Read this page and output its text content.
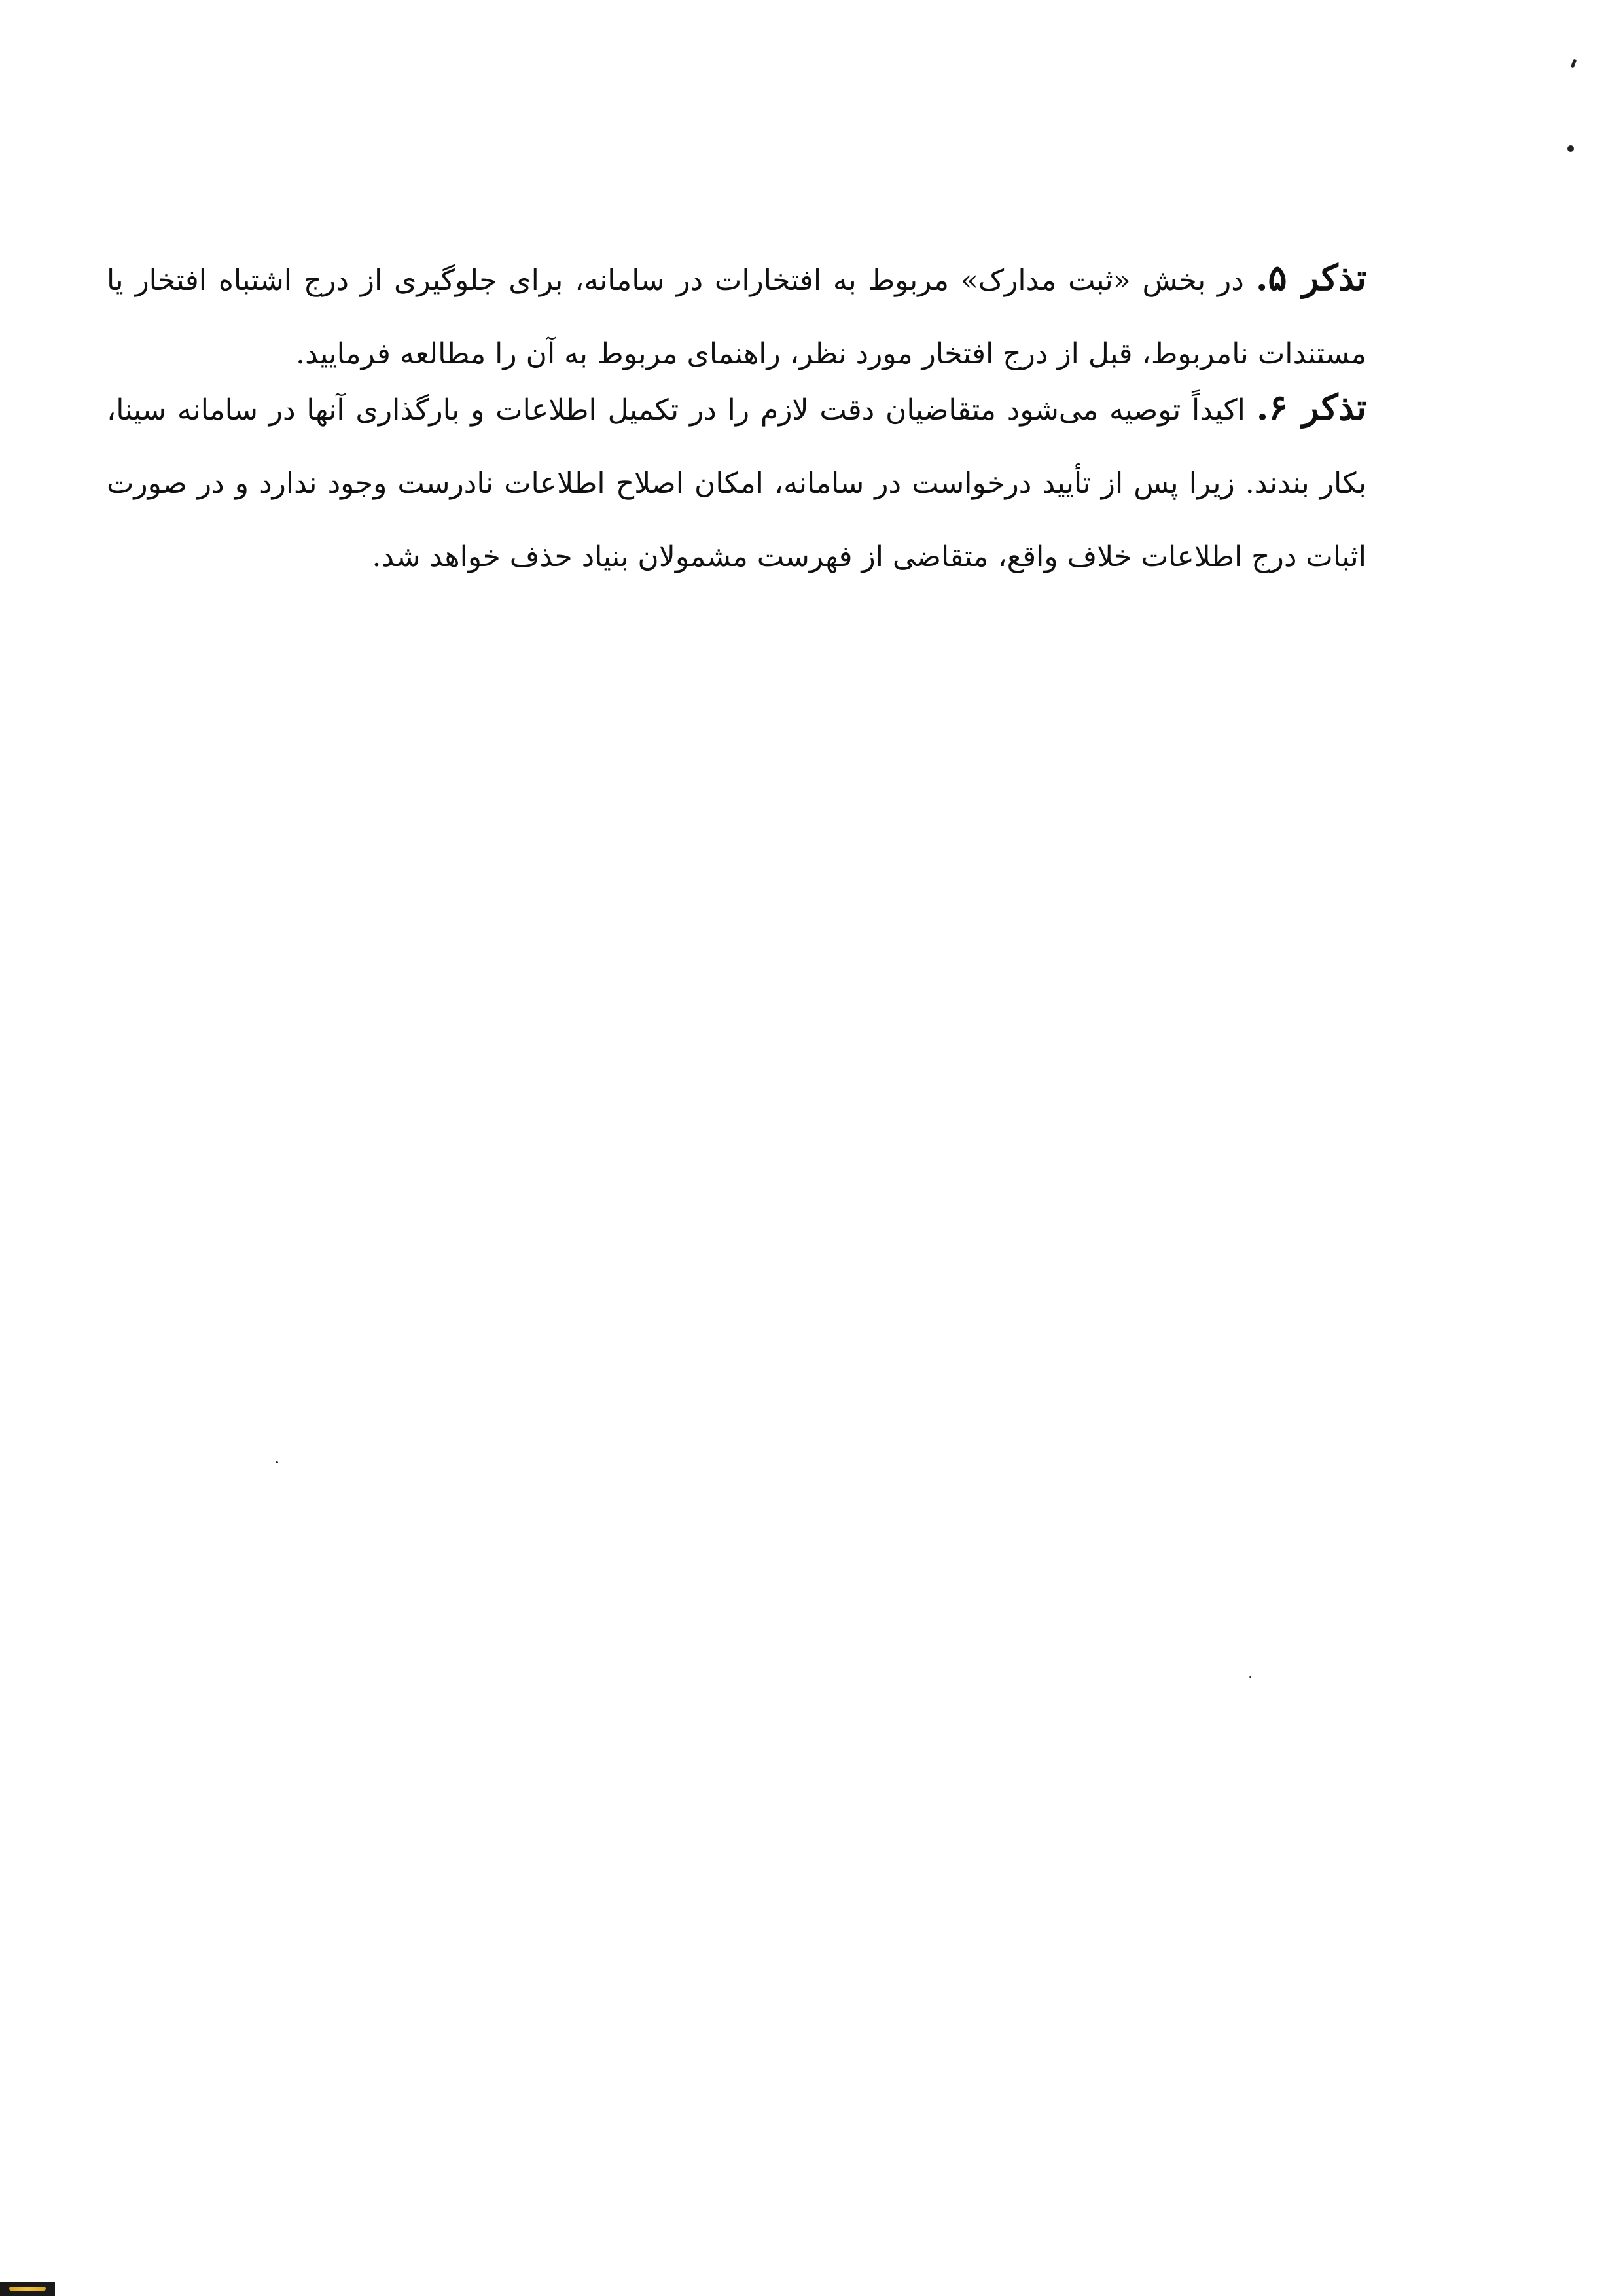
تذکر ۵. در بخش «ثبت مدارک» مربوط به افتخارات در سامانه، برای جلوگیری از درج اشتباه افتخار یا مستندات نامربوط، قبل از درج افتخار مورد نظر، راهنمای مربوط به آن را مطالعه فرمایید.
تذکر ۶. اکیداً توصیه می‌شود متقاضیان دقت لازم را در تکمیل اطلاعات و بارگذاری آنها در سامانه سینا، بکار بندند. زیرا پس از تأیید درخواست در سامانه، امکان اصلاح اطلاعات نادرست وجود ندارد و در صورت اثبات درج اطلاعات خلاف واقع، متقاضی از فهرست مشمولان بنیاد حذف خواهد شد.
